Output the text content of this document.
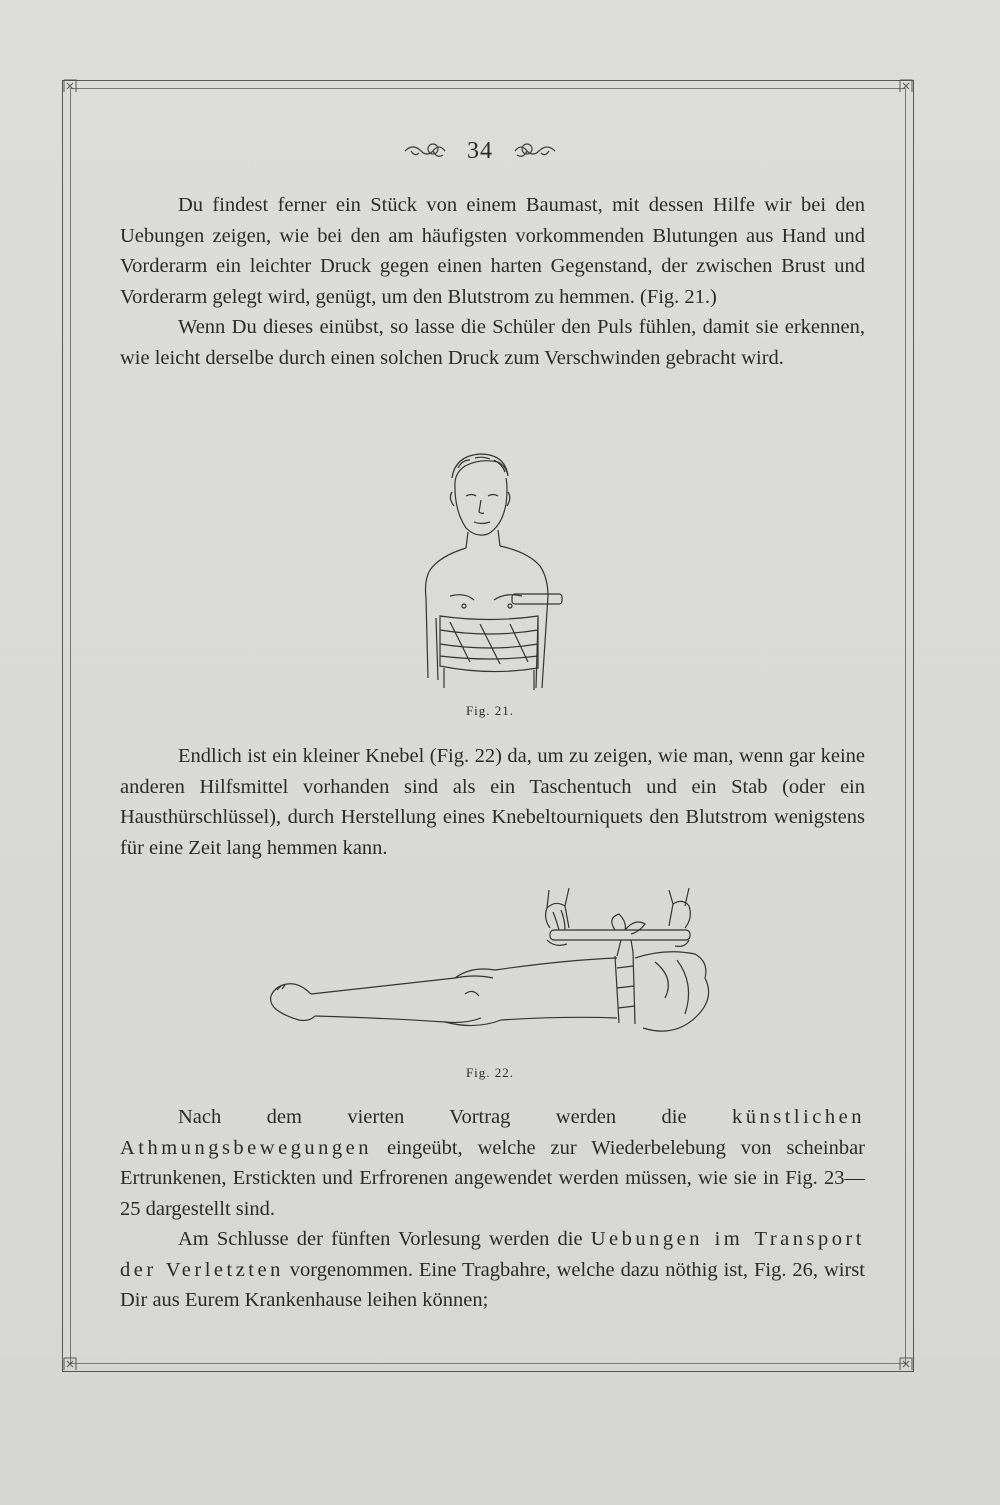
34

Du findest ferner ein Stück von einem Baumast, mit dessen Hilfe wir bei den Uebungen zeigen, wie bei den am häufigsten vorkommenden Blutungen aus Hand und Vorderarm ein leichter Druck gegen einen harten Gegenstand, der zwischen Brust und Vorderarm gelegt wird, genügt, um den Blutstrom zu hemmen. (Fig. 21.)

Wenn Du dieses einübst, so lasse die Schüler den Puls fühlen, damit sie erkennen, wie leicht derselbe durch einen solchen Druck zum Verschwinden gebracht wird.

Fig. 21.

Endlich ist ein kleiner Knebel (Fig. 22) da, um zu zeigen, wie man, wenn gar keine anderen Hilfsmittel vorhanden sind als ein Taschentuch und ein Stab (oder ein Hausthürschlüssel), durch Herstellung eines Knebeltourniquets den Blutstrom wenigstens für eine Zeit lang hemmen kann.

Fig. 22.

Nach dem vierten Vortrag werden die künstlichen Athmungsbewegungen eingeübt, welche zur Wiederbelebung von scheinbar Ertrunkenen, Erstickten und Erfrorenen angewendet werden müssen, wie sie in Fig. 23—25 dargestellt sind.

Am Schlusse der fünften Vorlesung werden die Uebungen im Transport der Verletzten vorgenommen. Eine Tragbahre, welche dazu nöthig ist, Fig. 26, wirst Dir aus Eurem Krankenhause leihen können;
